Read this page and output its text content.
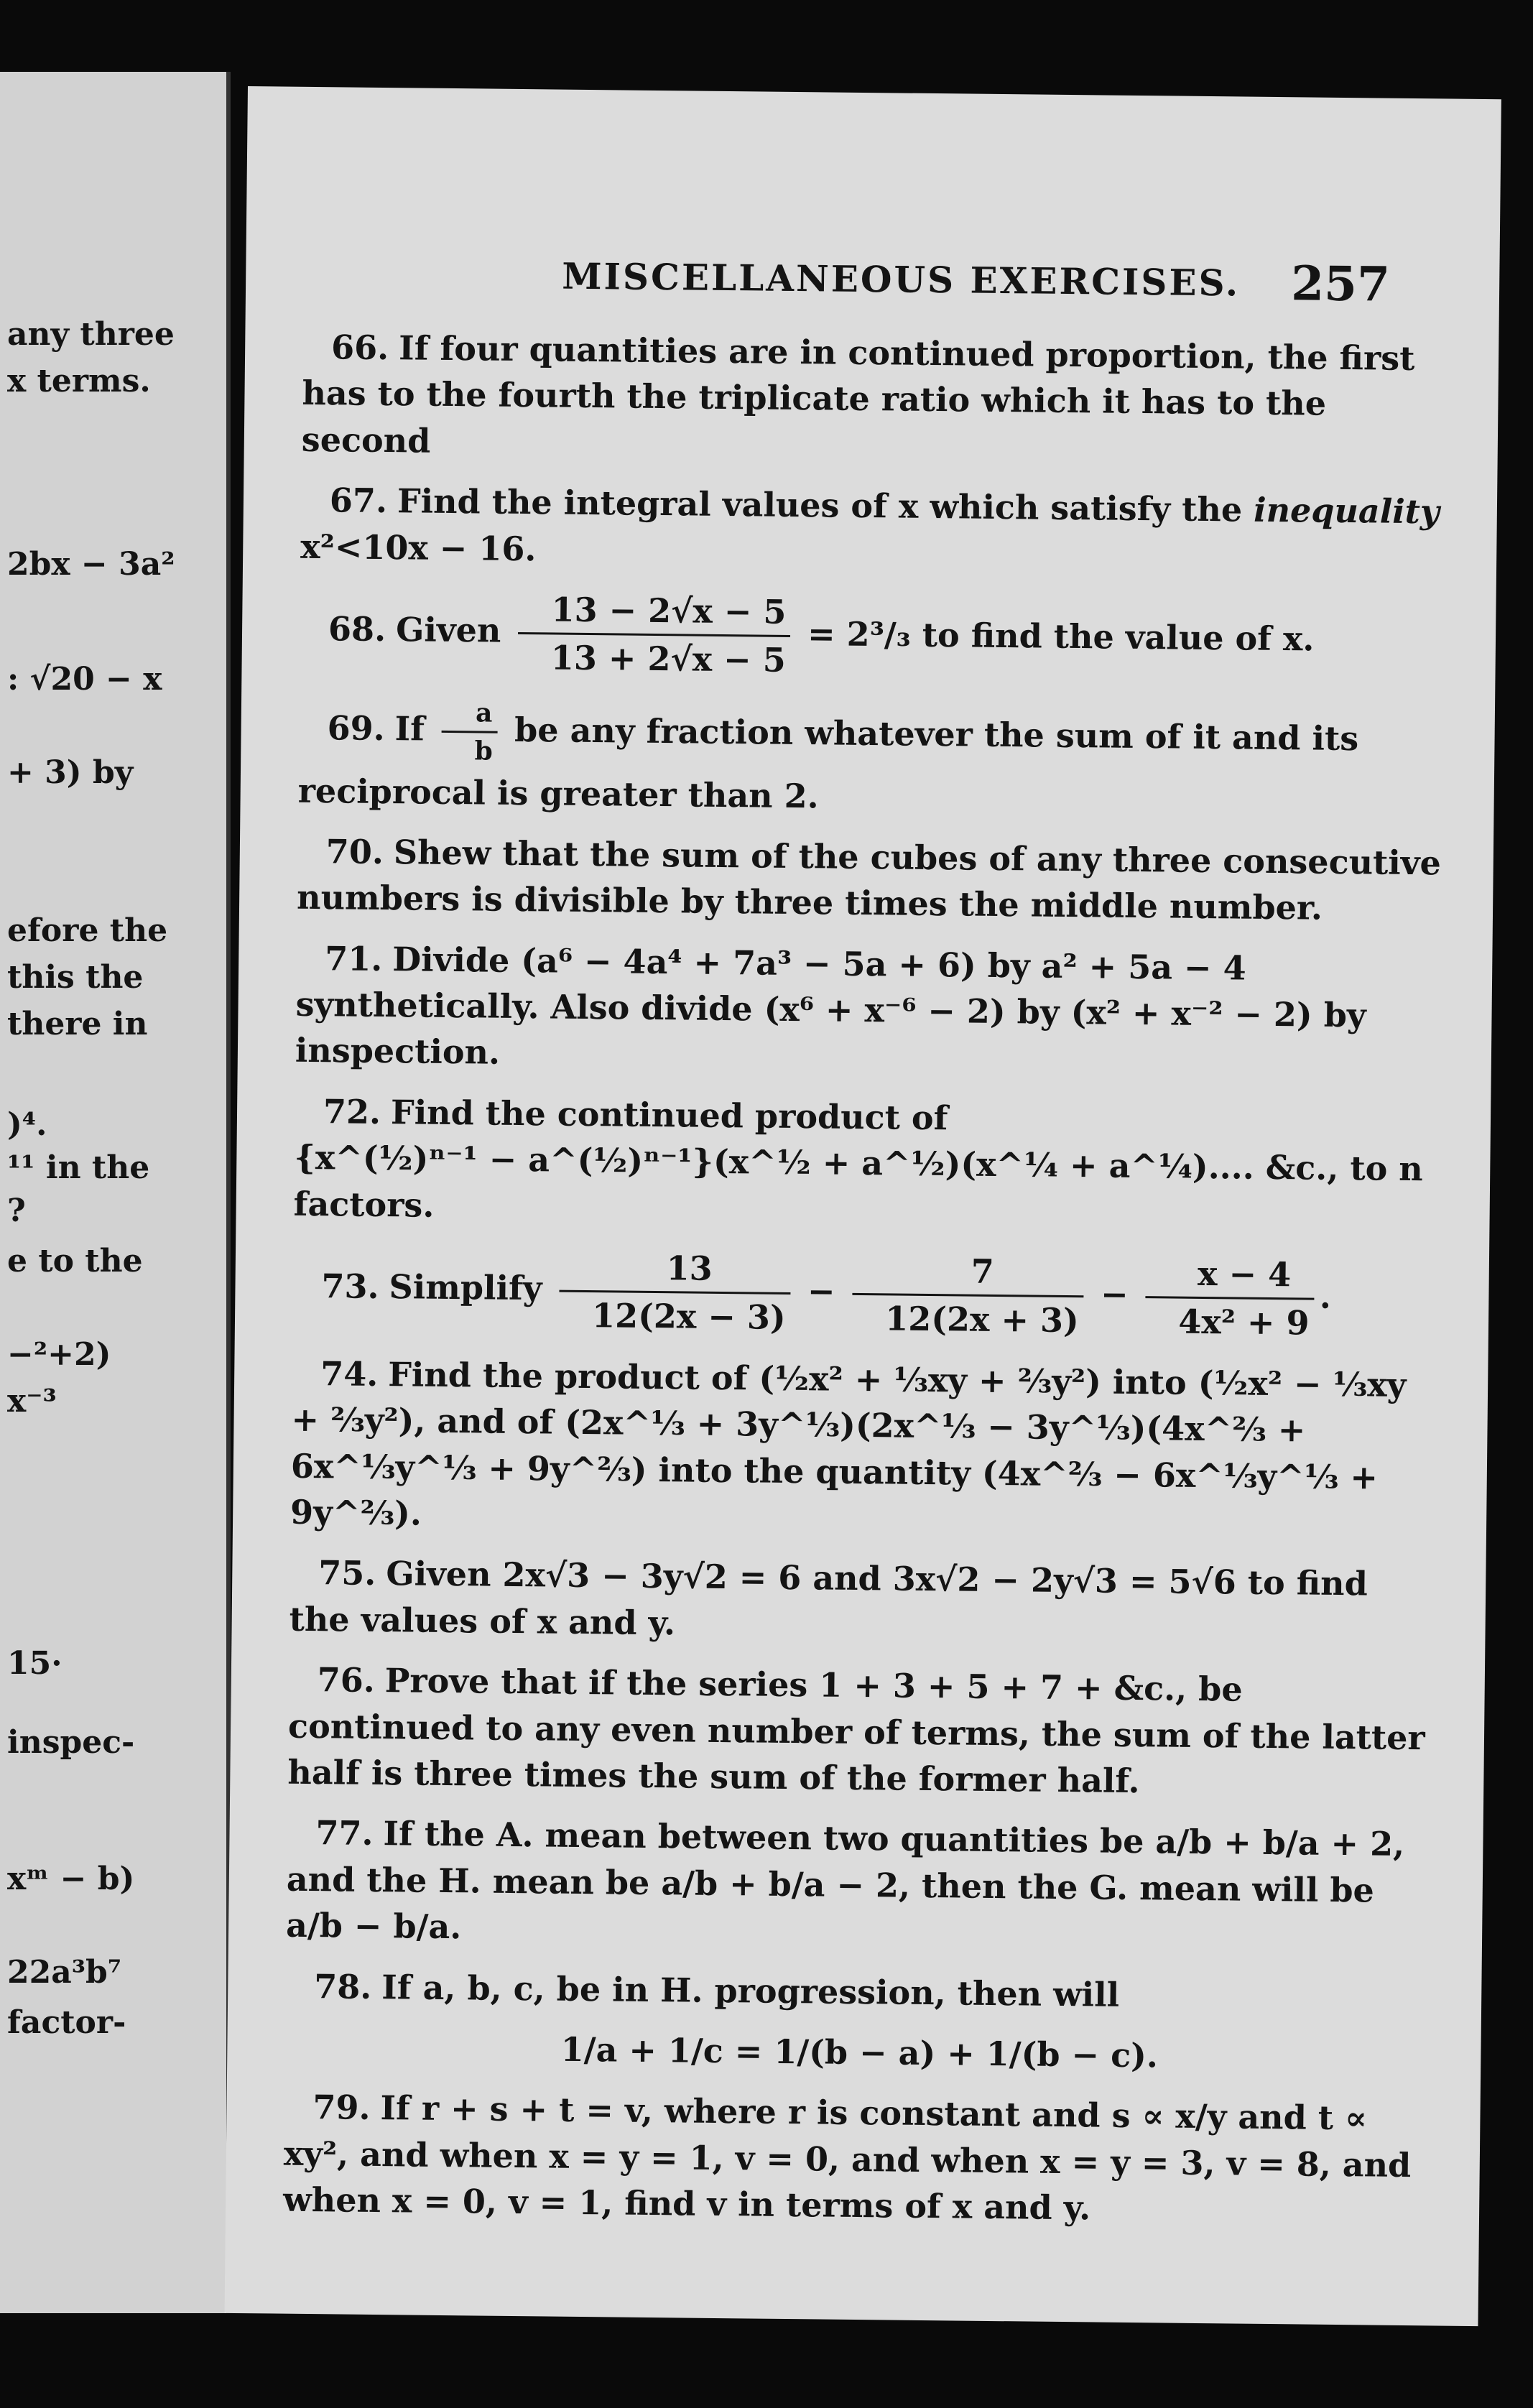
any three
x terms.
2bx − 3a²
: √20 − x
+ 3) by
efore the
this the
there in
)⁴.
¹¹ in the
?
e to the
−²+2)
x⁻³
15·
inspec-
xᵐ − b)
22a³b⁷
factor-
MISCELLANEOUS EXERCISES. 257

66. If four quantities are in continued proportion, the first has to the fourth the triplicate ratio which it has to the second

67. Find the integral values of x which satisfy the inequality x²<10x − 16.

68. Given $\frac{13 - 2√x - 5}{13 + 2√x - 5} = 2^3/_3$ to find the value of x.

69. If $\frac{a}{b}$ be any fraction whatever the sum of it and its reciprocal is greater than 2.

70. Shew that the sum of the cubes of any three consecutive numbers is divisible by three times the middle number.

71. Divide (a⁶ − 4a⁴ + 7a³ − 5a + 6) by a² + 5a − 4 synthetically. Also divide (x⁶ + x⁻⁶ − 2) by (x² + x⁻² − 2) by inspection.

72. Find the continued product of
{x^(½)ⁿ⁻¹ − a^(½)ⁿ⁻¹}(x^½ + a^½)(x^¼ + a^¼).... &c., to n factors.

73. Simplify $\frac{13}{12(2x - 3)} - \frac{7}{12(2x + 3)} - \frac{x - 4}{\text{4x² + 9}}$ .

74. Find the product of (½x² + ⅓xy + ⅔y²) into (½x² − ⅓xy + ⅔y²), and of (2x^⅓ + 3y^⅓)(2x^⅓ − 3y^⅓)(4x^⅔ + 6x^⅓y^⅓ + 9y^⅔) into the quantity (4x^⅔ − 6x^⅓y^⅓ + 9y^⅔).

75. Given 2x√3 − 3y√2 = 6 and 3x√2 − 2y√3 = 5√6 to find the values of x and y.

76. Prove that if the series 1 + 3 + 5 + 7 + &c., be continued to any even number of terms, the sum of the latter half is three times the sum of the former half.

77. If the A. mean between two quantities be a/b + b/a + 2, and the H. mean be a/b + b/a − 2, then the G. mean will be a/b − b/a.

78. If a, b, c, be in H. progression, then will

1/a + 1/c = 1/(b − a) + 1/(b − c).

79. If r + s + t = v, where r is constant and s ∝ x/y and t ∝ xy², and when x = y = 1, v = 0, and when x = y = 3, v = 8, and when x = 0, v = 1, find v in terms of x and y.
